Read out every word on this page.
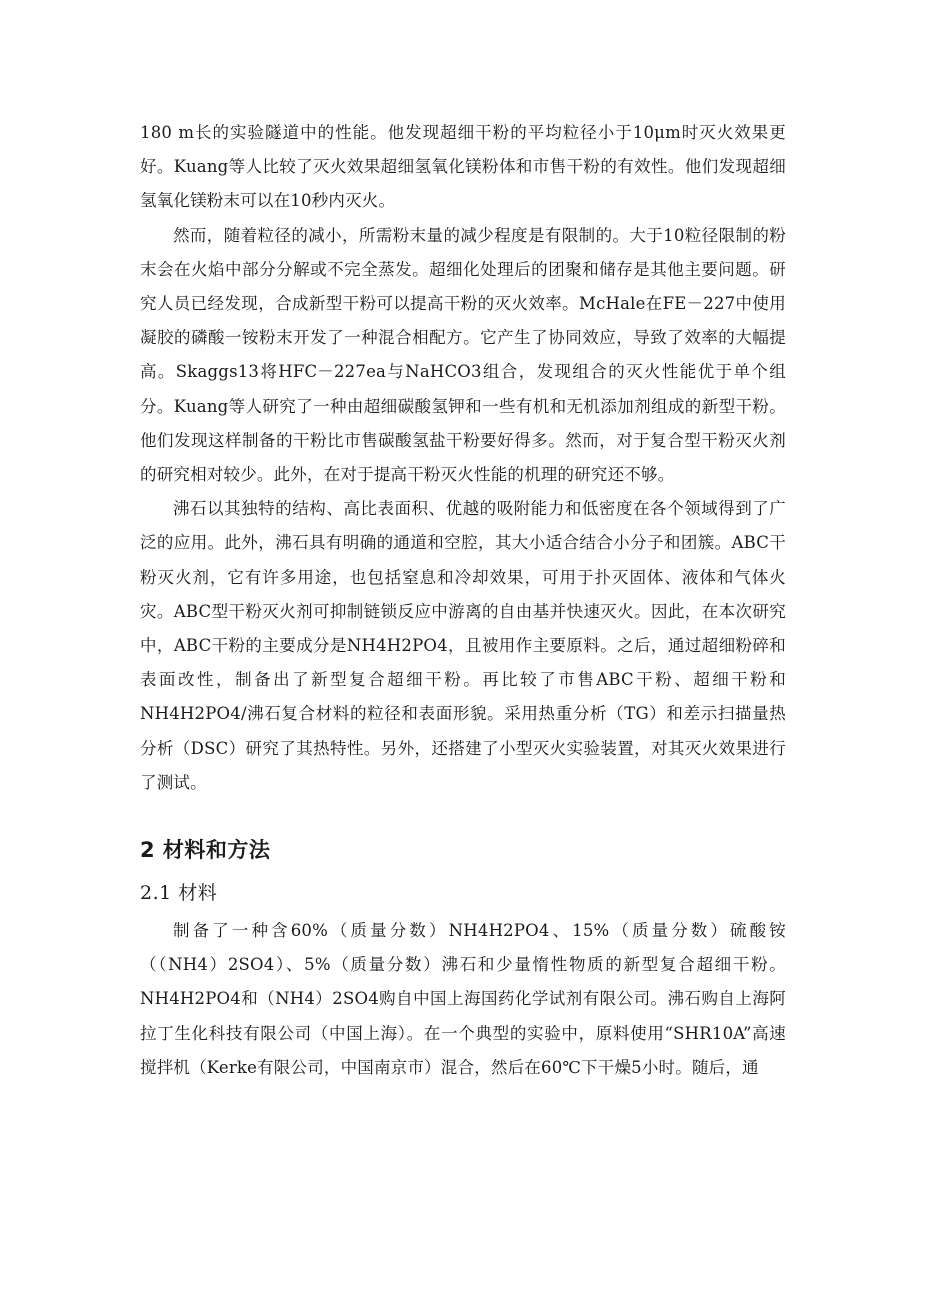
180 m长的实验隧道中的性能。他发现超细干粉的平均粒径小于10μm时灭火效果更好。Kuang等人比较了灭火效果超细氢氧化镁粉体和市售干粉的有效性。他们发现超细氢氧化镁粉末可以在10秒内灭火。

然而，随着粒径的减小，所需粉末量的减少程度是有限制的。大于10粒径限制的粉末会在火焰中部分分解或不完全蒸发。超细化处理后的团聚和储存是其他主要问题。研究人员已经发现，合成新型干粉可以提高干粉的灭火效率。McHale在FE－227中使用凝胶的磷酸一铵粉末开发了一种混合相配方。它产生了协同效应，导致了效率的大幅提高。Skaggs13将HFC－227ea与NaHCO3组合，发现组合的灭火性能优于单个组分。Kuang等人研究了一种由超细碳酸氢钾和一些有机和无机添加剂组成的新型干粉。他们发现这样制备的干粉比市售碳酸氢盐干粉要好得多。然而，对于复合型干粉灭火剂的研究相对较少。此外，在对于提高干粉灭火性能的机理的研究还不够。

沸石以其独特的结构、高比表面积、优越的吸附能力和低密度在各个领域得到了广泛的应用。此外，沸石具有明确的通道和空腔，其大小适合结合小分子和团簇。ABC干粉灭火剂，它有许多用途，也包括窒息和冷却效果，可用于扑灭固体、液体和气体火灾。ABC型干粉灭火剂可抑制链锁反应中游离的自由基并快速灭火。因此，在本次研究中，ABC干粉的主要成分是NH4H2PO4，且被用作主要原料。之后，通过超细粉碎和表面改性，制备出了新型复合超细干粉。再比较了市售ABC干粉、超细干粉和NH4H2PO4/沸石复合材料的粒径和表面形貌。采用热重分析（TG）和差示扫描量热分析（DSC）研究了其热特性。另外，还搭建了小型灭火实验装置，对其灭火效果进行了测试。

2 材料和方法
2.1 材料

制备了一种含60%（质量分数）NH4H2PO4、15%（质量分数）硫酸铵（（NH4）2SO4）、5%（质量分数）沸石和少量惰性物质的新型复合超细干粉。NH4H2PO4和（NH4）2SO4购自中国上海国药化学试剂有限公司。沸石购自上海阿拉丁生化科技有限公司（中国上海）。在一个典型的实验中，原料使用“SHR10A”高速搅拌机（Kerke有限公司，中国南京市）混合，然后在60℃下干燥5小时。随后，通
